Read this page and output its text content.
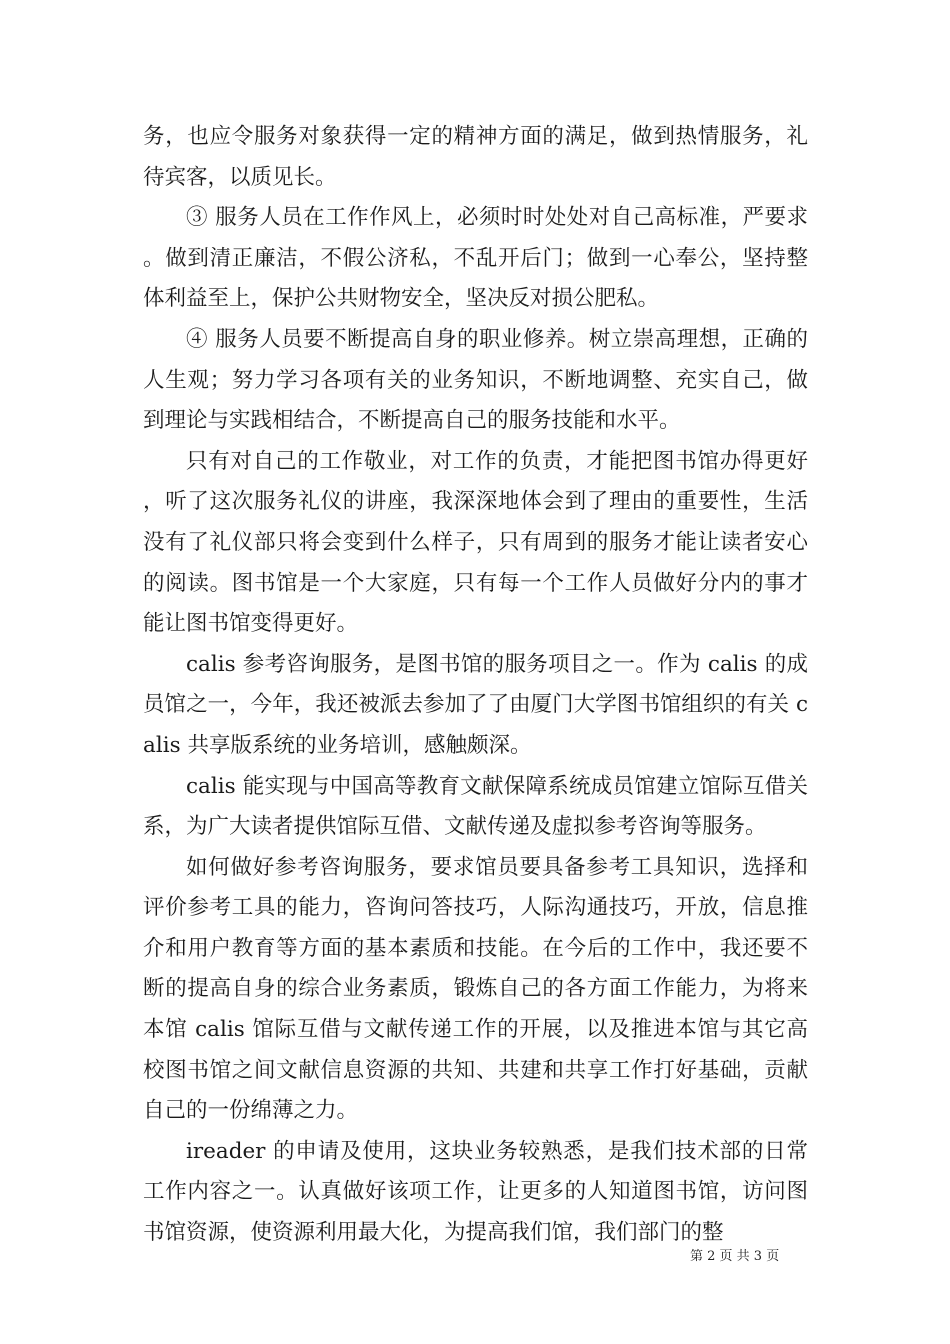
务，也应令服务对象获得一定的精神方面的满足，做到热情服务，礼待宾客，以质见长。

③ 服务人员在工作作风上，必须时时处处对自己高标准，严要求。做到清正廉洁，不假公济私，不乱开后门；做到一心奉公，坚持整体利益至上，保护公共财物安全，坚决反对损公肥私。

④ 服务人员要不断提高自身的职业修养。树立崇高理想，正确的人生观；努力学习各项有关的业务知识，不断地调整、充实自己，做到理论与实践相结合，不断提高自己的服务技能和水平。

只有对自己的工作敬业，对工作的负责，才能把图书馆办得更好，听了这次服务礼仪的讲座，我深深地体会到了理由的重要性，生活没有了礼仪部只将会变到什么样子，只有周到的服务才能让读者安心的阅读。图书馆是一个大家庭，只有每一个工作人员做好分内的事才能让图书馆变得更好。

calis 参考咨询服务，是图书馆的服务项目之一。作为 calis 的成员馆之一，今年，我还被派去参加了了由厦门大学图书馆组织的有关 calis 共享版系统的业务培训，感触颇深。

calis 能实现与中国高等教育文献保障系统成员馆建立馆际互借关系，为广大读者提供馆际互借、文献传递及虚拟参考咨询等服务。

如何做好参考咨询服务，要求馆员要具备参考工具知识，选择和评价参考工具的能力，咨询问答技巧，人际沟通技巧，开放，信息推介和用户教育等方面的基本素质和技能。在今后的工作中，我还要不断的提高自身的综合业务素质，锻炼自己的各方面工作能力，为将来本馆 calis 馆际互借与文献传递工作的开展，以及推进本馆与其它高校图书馆之间文献信息资源的共知、共建和共享工作打好基础，贡献自己的一份绵薄之力。

ireader 的申请及使用，这块业务较熟悉，是我们技术部的日常工作内容之一。认真做好该项工作，让更多的人知道图书馆，访问图书馆资源，使资源利用最大化，为提高我们馆，我们部门的整

第 2 页 共 3 页
